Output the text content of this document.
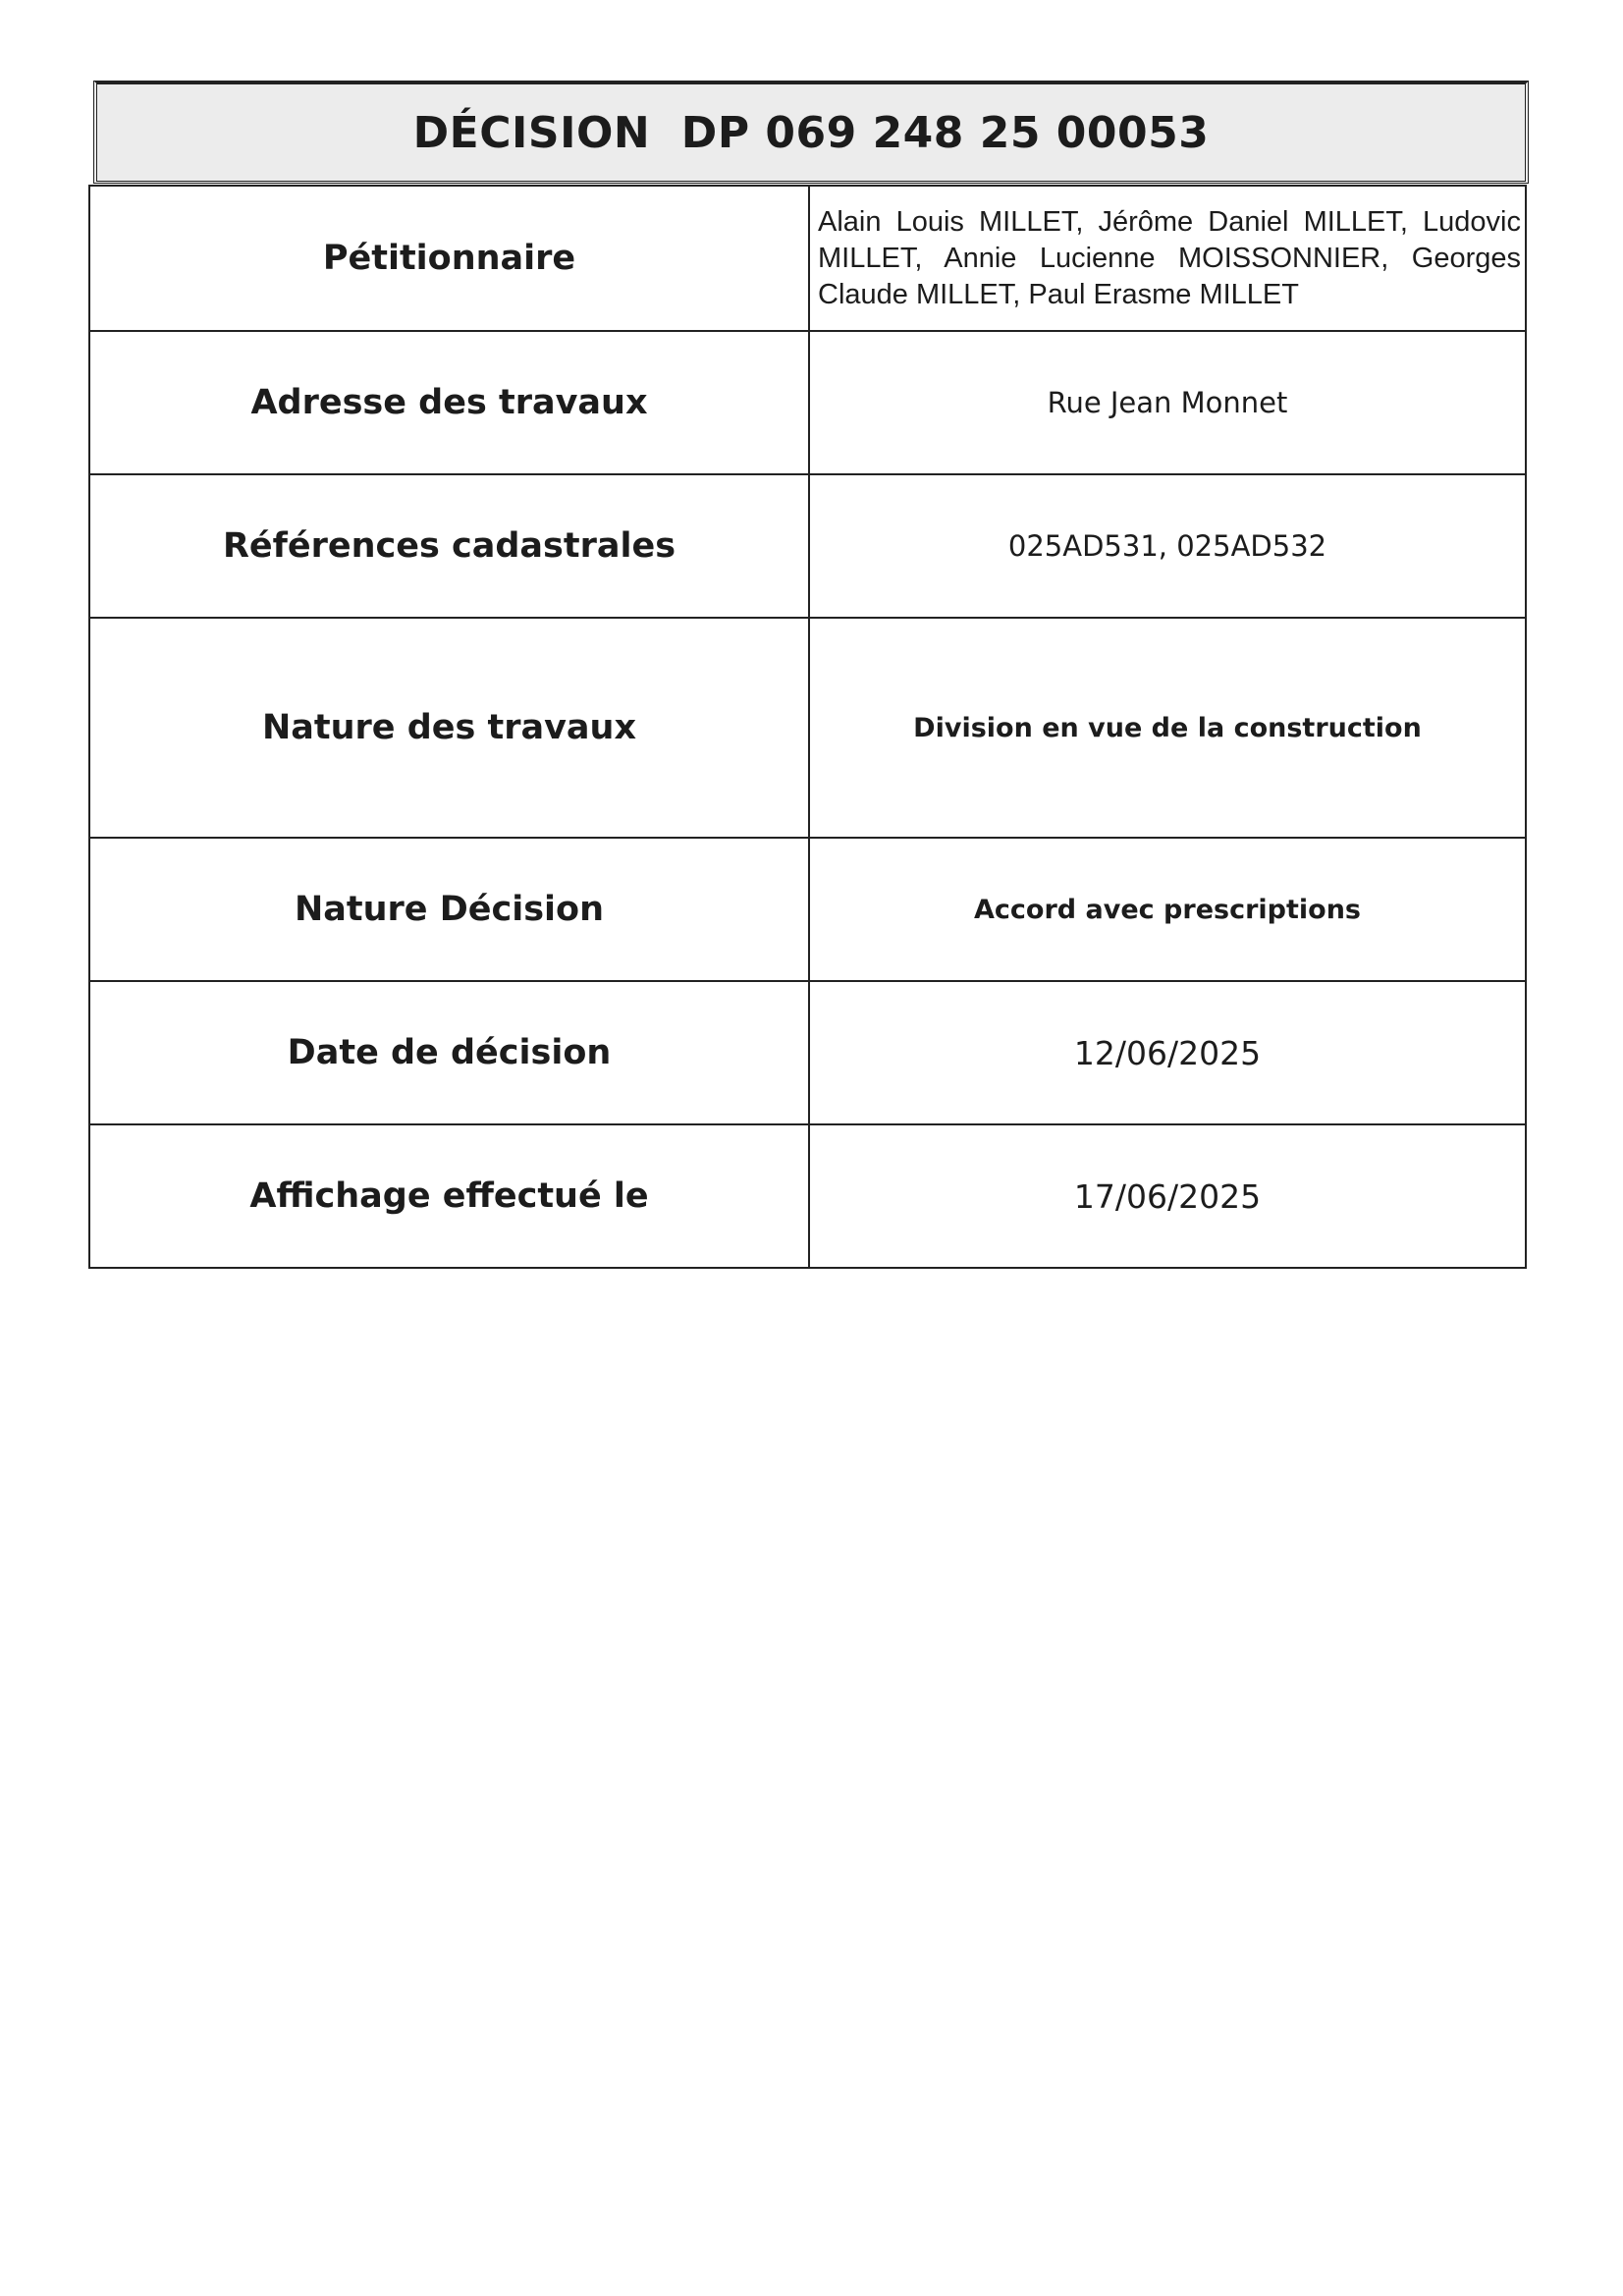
DÉCISION  DP 069 248 25 00053
Pétitionnaire	Alain Louis MILLET, Jérôme Daniel MILLET, Ludovic MILLET, Annie Lucienne MOISSONNIER, Georges Claude MILLET, Paul Erasme MILLET
Adresse des travaux	Rue Jean Monnet
Références cadastrales	025AD531, 025AD532
Nature des travaux	Division en vue de la construction
Nature Décision	Accord avec prescriptions
Date de décision	12/06/2025
Affichage effectué le	17/06/2025
